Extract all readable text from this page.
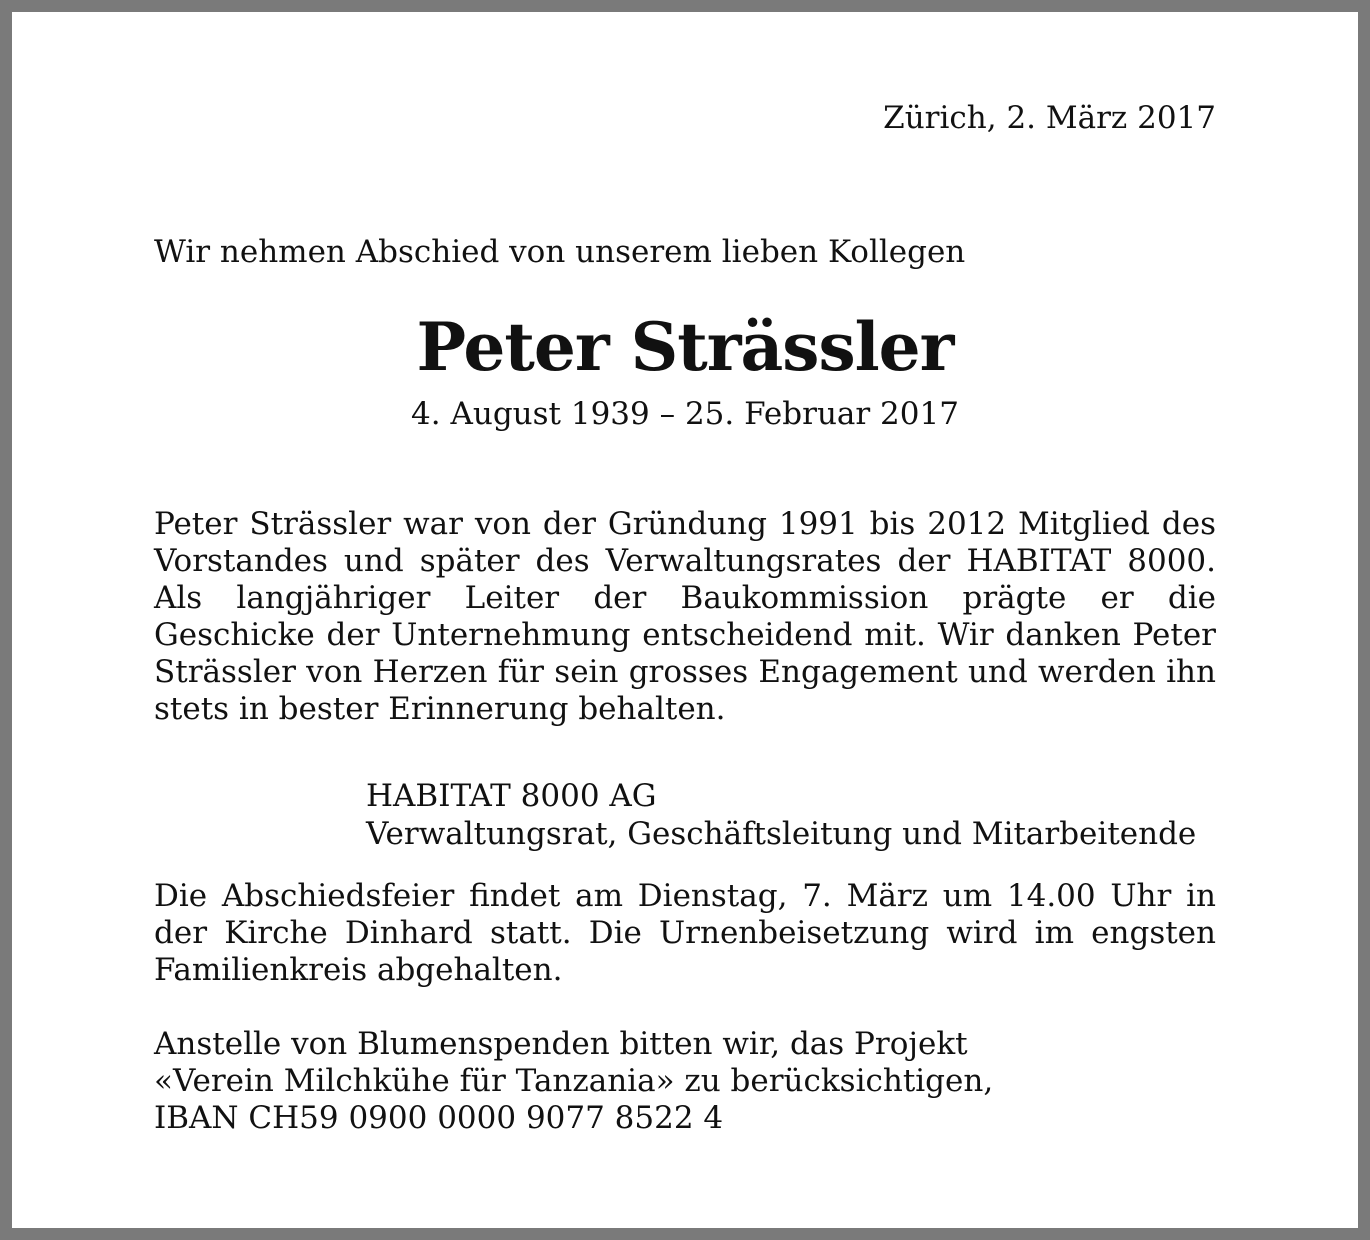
Zürich, 2. März 2017
Wir nehmen Abschied von unserem lieben Kollegen
Peter Strässler
4. August 1939 – 25. Februar 2017
Peter Strässler war von der Gründung 1991 bis 2012 Mitglied des Vorstandes und später des Verwaltungsrates der HABITAT 8000. Als langjähriger Leiter der Baukommission prägte er die Geschicke der Unternehmung entscheidend mit. Wir danken Peter Strässler von Herzen für sein grosses Engagement und werden ihn stets in bester Erinnerung behalten.
HABITAT 8000 AG
Verwaltungsrat, Geschäftsleitung und Mitarbeitende
Die Abschiedsfeier findet am Dienstag, 7. März um 14.00 Uhr in der Kirche Dinhard statt. Die Urnenbeisetzung wird im engsten Familienkreis abgehalten.
Anstelle von Blumenspenden bitten wir, das Projekt
«Verein Milchkühe für Tanzania» zu berücksichtigen,
IBAN CH59 0900 0000 9077 8522 4
